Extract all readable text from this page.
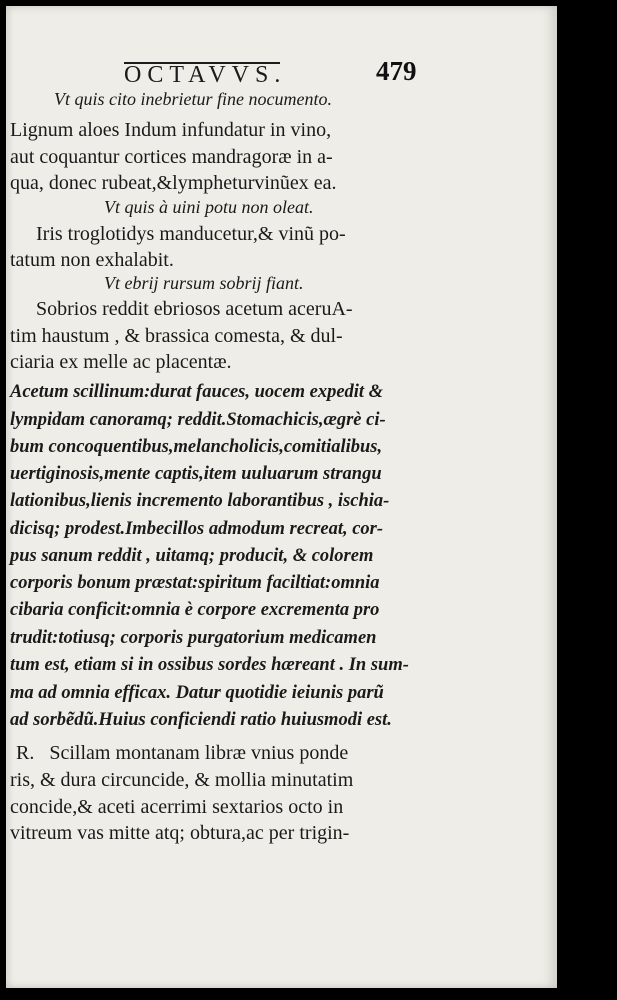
OCTAVVS.	479
Vt quis cito inebrietur fine nocumento.
Lignum aloes Indum infundatur in vino,
aut coquantur cortices mandragoræ in a-
qua, donec rubeat,&lympheturvinũex ea.
Vt quis à uini potu non oleat.
Iris troglotidys manducetur,& vinũ po-
tatum non exhalabit.
Vt ebrij rursum sobrij fiant.
Sobrios reddit ebriosos acetum aceruA-
tim haustum , & brassica comesta, & dul-
ciaria ex melle ac placentæ.
Acetum scillinum:durat fauces, uocem expedit &
lympidam canoramq; reddit.Stomachicis,ægrè ci-
bum concoquentibus,melancholicis,comitialibus,
uertiginosis,mente captis,item uuluarum strangu
lationibus,lienis incremento laborantibus , ischia-
dicisq; prodest.Imbecillos admodum recreat, cor-
pus sanum reddit , uitamq; producit, & colorem
corporis bonum præstat:spiritum faciltiat:omnia
cibaria conficit:omnia è corpore excrementa pro
trudit:totiusq; corporis purgatorium medicamen
tum est, etiam si in ossibus sordes hæreant . In sum-
ma ad omnia efficax. Datur quotidie ieiunis parũ
ad sorbẽdũ.Huius conficiendi ratio huiusmodi est.
R.   Scillam montanam libræ vnius ponde
ris, & dura circuncide, & mollia minutatim
concide,& aceti acerrimi sextarios octo in
vitreum vas mitte atq; obtura,ac per trigin-
